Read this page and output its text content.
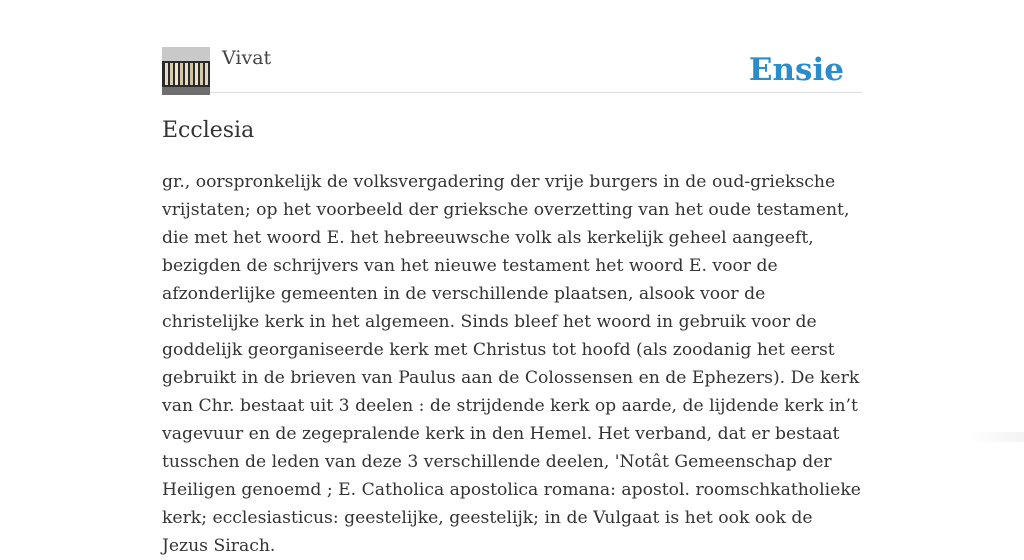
Vivat	Ensie
Ecclesia

gr., oorspronkelijk de volksvergadering der vrije burgers in de oud-grieksche vrijstaten; op het voorbeeld der grieksche overzetting van het oude testament, die met het woord E. het hebreeuwsche volk als kerkelijk geheel aangeeft, bezigden de schrijvers van het nieuwe testament het woord E. voor de afzonderlijke gemeenten in de verschillende plaatsen, alsook voor de christelijke kerk in het algemeen. Sinds bleef het woord in gebruik voor de goddelijk georganiseerde kerk met Christus tot hoofd (als zoodanig het eerst gebruikt in de brieven van Paulus aan de Colossensen en de Ephezers). De kerk van Chr. bestaat uit 3 deelen : de strijdende kerk op aarde, de lijdende kerk in’t vagevuur en de zegepralende kerk in den Hemel. Het verband, dat er bestaat tusschen de leden van deze 3 verschillende deelen, 'Notât Gemeenschap der Heiligen genoemd ; E. Catholica apostolica romana: apostol. roomschkatholieke kerk; ecclesiasticus: geestelijke, geestelijk; in de Vulgaat is het ook ook de Jezus Sirach.
